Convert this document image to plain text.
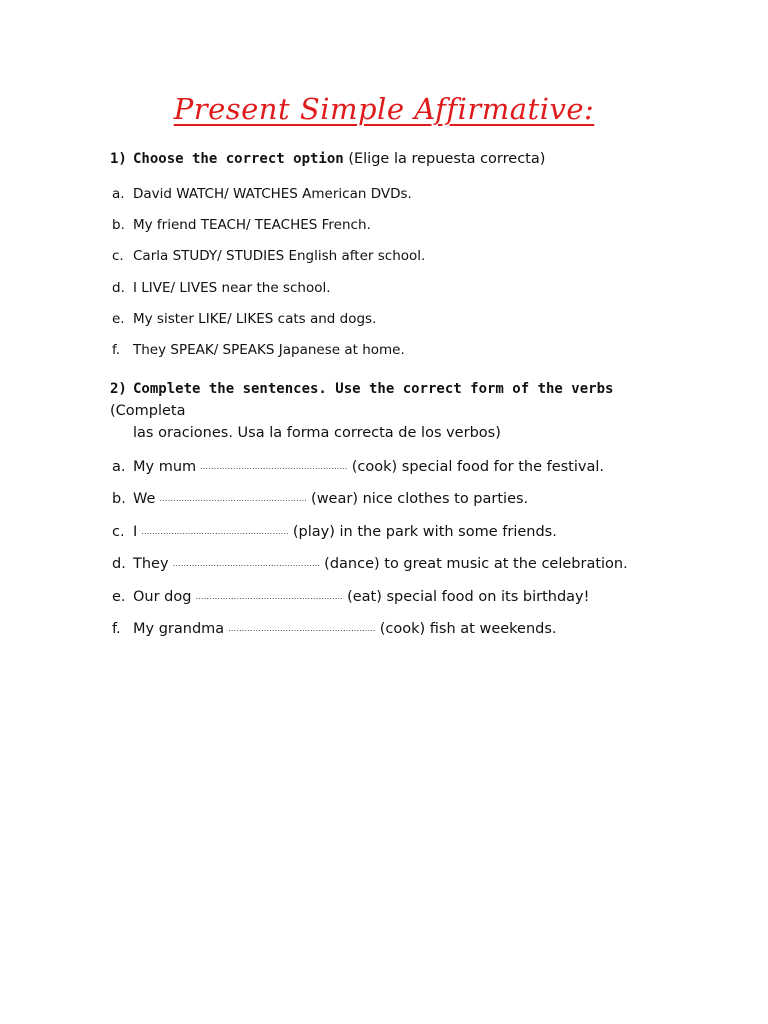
Present Simple Affirmative:

1) Choose the correct option (Elige la repuesta correcta)

a. David WATCH/ WATCHES American DVDs.
b. My friend TEACH/ TEACHES French.
c. Carla STUDY/ STUDIES English after school.
d. I LIVE/ LIVES near the school.
e. My sister LIKE/ LIKES cats and dogs.
f. They SPEAK/ SPEAKS Japanese at home.

2) Complete the sentences. Use the correct form of the verbs (Completa
las oraciones. Usa la forma correcta de los verbos)

a. My mum ……………………………………………… (cook) special food for the festival.
b. We ……………………………………………… (wear) nice clothes to parties.
c. I ……………………………………………… (play) in the park with some friends.
d. They ……………………………………………… (dance) to great music at the celebration.
e. Our dog ……………………………………………… (eat) special food on its birthday!
f. My grandma ……………………………………………… (cook) fish at weekends.
